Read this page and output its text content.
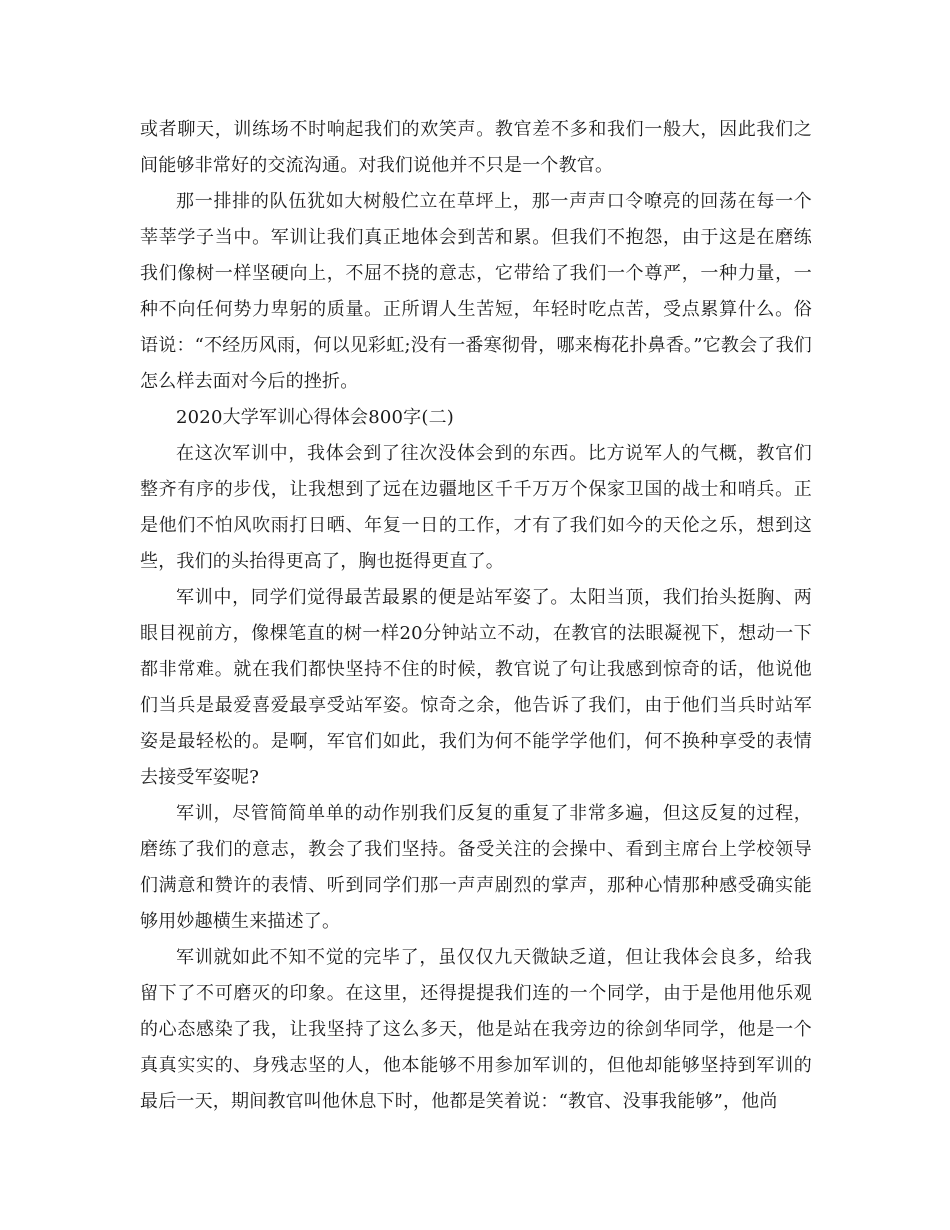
或者聊天，训练场不时响起我们的欢笑声。教官差不多和我们一般大，因此我们之间能够非常好的交流沟通。对我们说他并不只是一个教官。

那一排排的队伍犹如大树般伫立在草坪上，那一声声口令嘹亮的回荡在每一个莘莘学子当中。军训让我们真正地体会到苦和累。但我们不抱怨，由于这是在磨练我们像树一样坚硬向上，不屈不挠的意志，它带给了我们一个尊严，一种力量，一种不向任何势力卑躬的质量。正所谓人生苦短，年轻时吃点苦，受点累算什么。俗语说：“不经历风雨，何以见彩虹;没有一番寒彻骨，哪来梅花扑鼻香。”它教会了我们怎么样去面对今后的挫折。

2020大学军训心得体会800字(二)

在这次军训中，我体会到了往次没体会到的东西。比方说军人的气概，教官们整齐有序的步伐，让我想到了远在边疆地区千千万万个保家卫国的战士和哨兵。正是他们不怕风吹雨打日晒、年复一日的工作，才有了我们如今的天伦之乐，想到这些，我们的头抬得更高了，胸也挺得更直了。

军训中，同学们觉得最苦最累的便是站军姿了。太阳当顶，我们抬头挺胸、两眼目视前方，像棵笔直的树一样20分钟站立不动，在教官的法眼凝视下，想动一下都非常难。就在我们都快坚持不住的时候，教官说了句让我感到惊奇的话，他说他们当兵是最爱喜爱最享受站军姿。惊奇之余，他告诉了我们，由于他们当兵时站军姿是最轻松的。是啊，军官们如此，我们为何不能学学他们，何不换种享受的表情去接受军姿呢?

军训，尽管简简单单的动作别我们反复的重复了非常多遍，但这反复的过程，磨练了我们的意志，教会了我们坚持。备受关注的会操中、看到主席台上学校领导们满意和赞许的表情、听到同学们那一声声剧烈的掌声，那种心情那种感受确实能够用妙趣横生来描述了。

军训就如此不知不觉的完毕了，虽仅仅九天微缺乏道，但让我体会良多，给我留下了不可磨灭的印象。在这里，还得提提我们连的一个同学，由于是他用他乐观的心态感染了我，让我坚持了这么多天，他是站在我旁边的徐剑华同学，他是一个真真实实的、身残志坚的人，他本能够不用参加军训的，但他却能够坚持到军训的最后一天，期间教官叫他休息下时，他都是笑着说：“教官、没事我能够”，他尚
